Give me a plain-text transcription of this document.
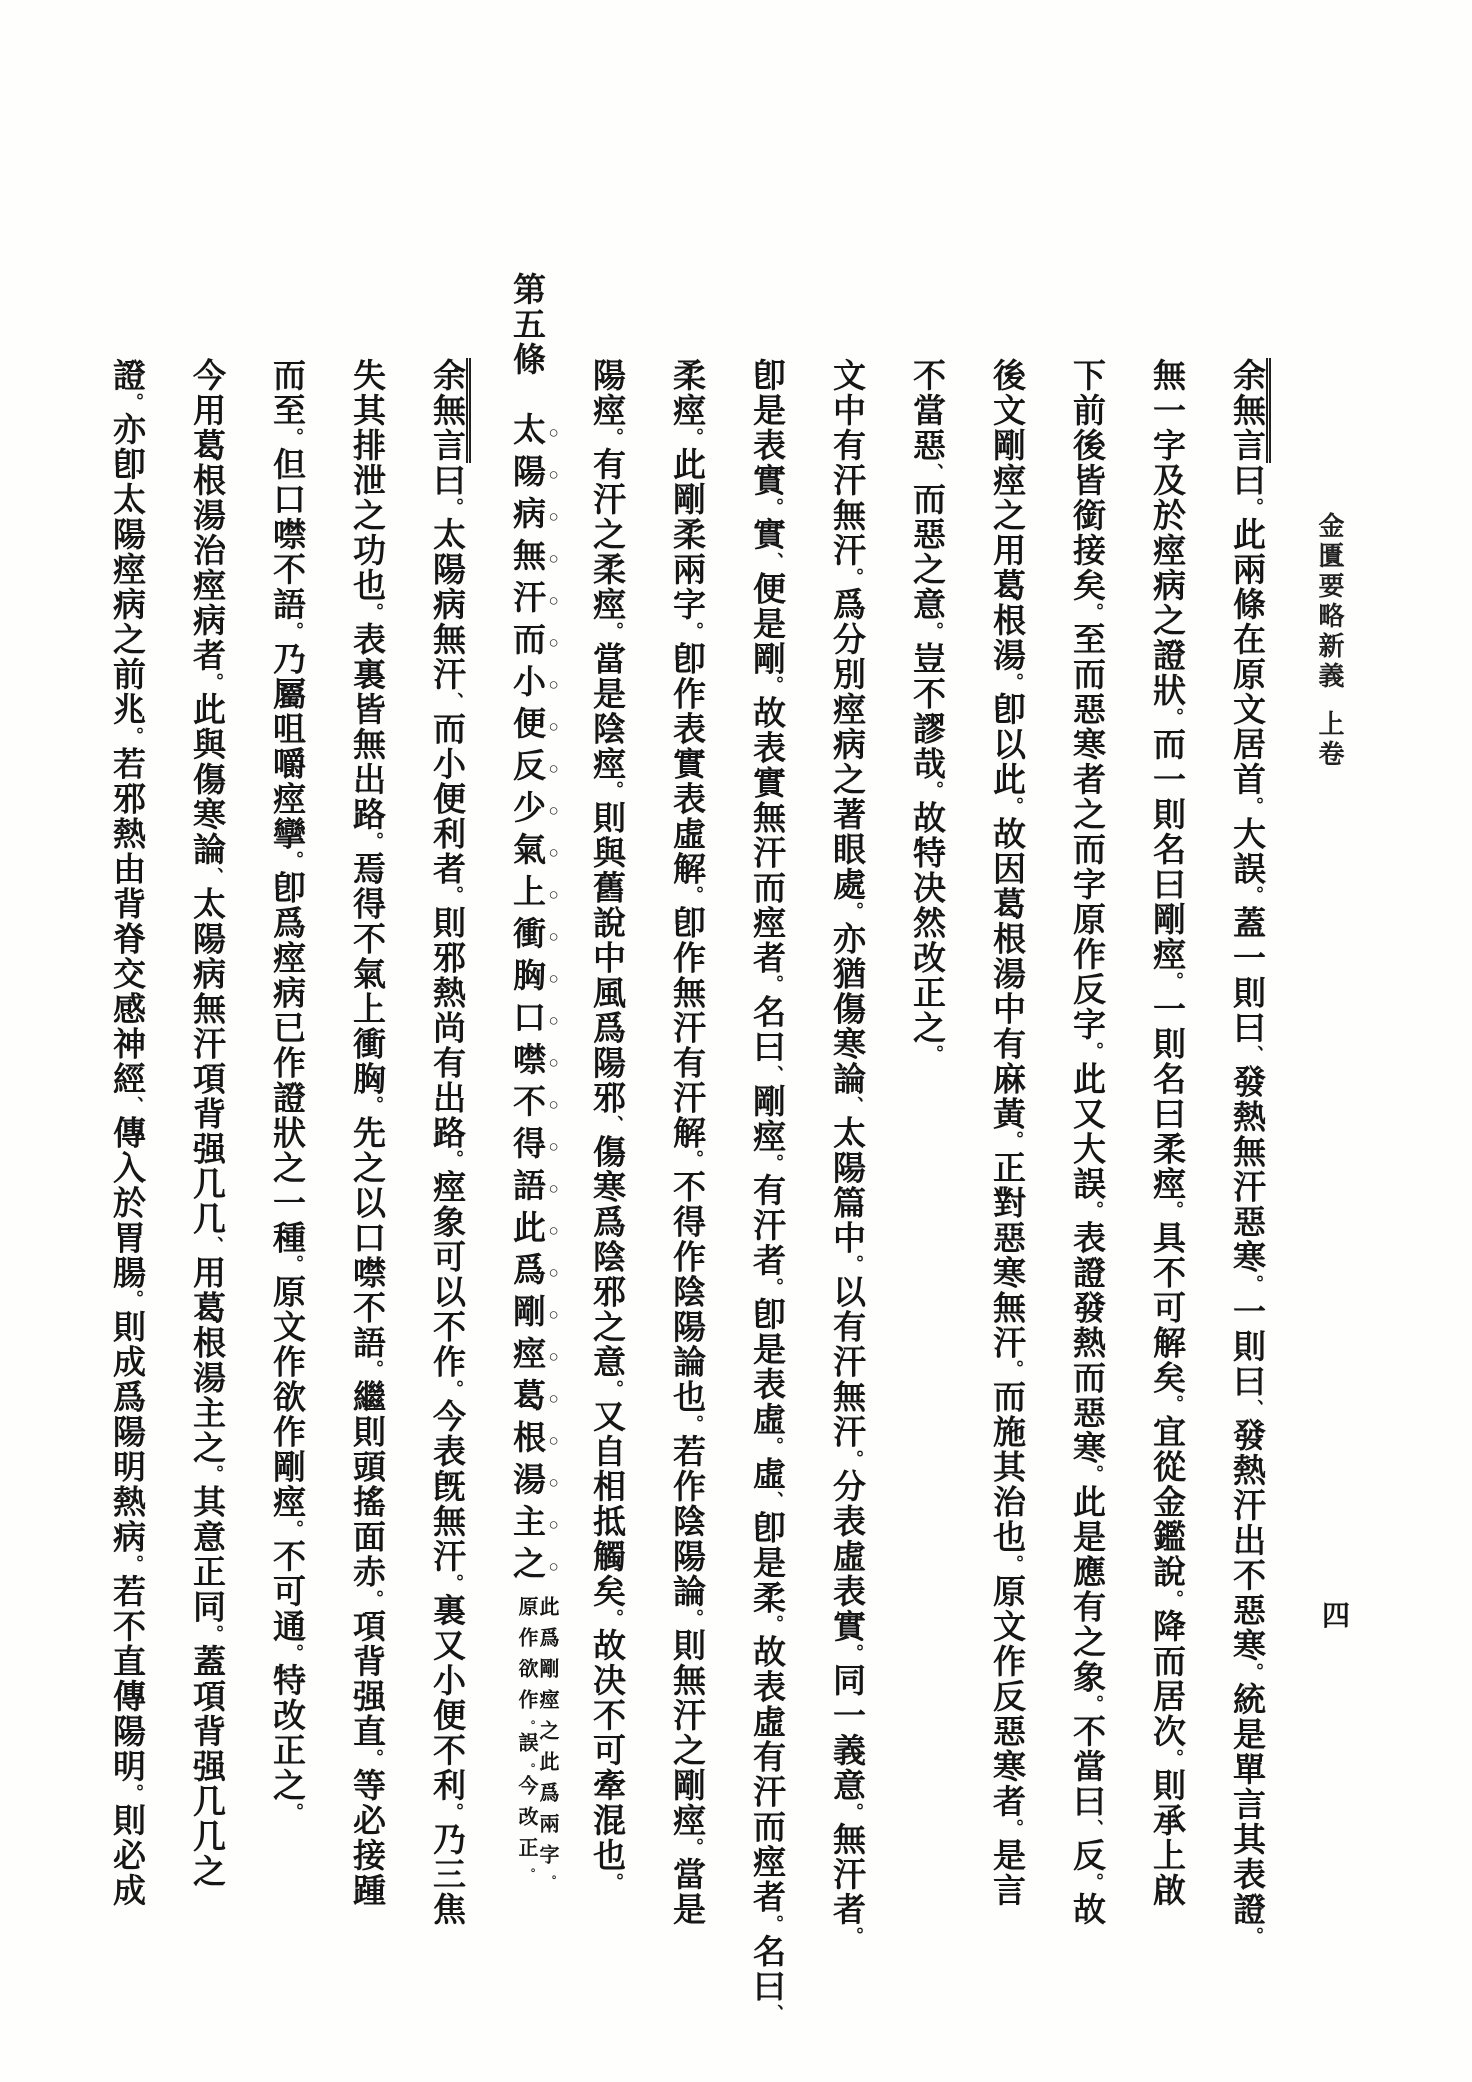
金匱要略新義上卷
余無言曰。此兩條在原文居首。大誤。蓋一則曰、發熱無汗惡寒。一則曰、發熱汗出不惡寒。統是單言其表證。
無一字及於痙病之證狀。而一則名曰剛痙。一則名曰柔痙。具不可解矣。宜從金鑑說。降而居次。則承上啟
下前後皆銜接矣。至而惡寒者之而字原作反字。此又大誤。表證發熱而惡寒。此是應有之象。不當曰、反。故
後文剛痙之用葛根湯。卽以此。故因葛根湯中有麻黃。正對惡寒無汗。而施其治也。原文作反惡寒者。是言
不當惡、而惡之意。豈不謬哉。故特决然改正之。
文中有汗無汗。爲分別痙病之著眼處。亦猶傷寒論、太陽篇中。以有汗無汗。分表虛表實。同一義意。無汗者。
卽是表實。實、便是剛。故表實無汗而痙者。名曰、剛痙。有汗者。卽是表虛。虛、卽是柔。故表虛有汗而痙者。名曰、
柔痙。此剛柔兩字。卽作表實表虛解。卽作無汗有汗解。不得作陰陽論也。若作陰陽論。則無汗之剛痙。當是
陽痙。有汗之柔痙。當是陰痙。則與舊說中風爲陽邪、傷寒爲陰邪之意。又自相抵觸矣。故决不可牽混也。
第五條　太陽病無汗而小便反少氣上衝胸口噤不得語此爲剛痙葛根湯主之
此爲剛痙之此爲兩字。
原作欲作。誤。今改正。
余無言曰。太陽病無汗、而小便利者。則邪熱尚有出路。痙象可以不作。今表旣無汗。裏又小便不利。乃三焦
失其排泄之功也。表裏皆無出路。焉得不氣上衝胸。先之以口噤不語。繼則頭搖面赤。項背强直。等必接踵
而至。但口噤不語。乃屬咀嚼痙攣。卽爲痙病已作證狀之一種。原文作欲作剛痙。不可通。特改正之。
今用葛根湯治痙病者。此與傷寒論、太陽病無汗項背强几几、用葛根湯主之。其意正同。蓋項背强几几之
證。亦卽太陽痙病之前兆。若邪熱由背脊交感神經、傳入於胃腸。則成爲陽明熱病。若不直傳陽明。則必成
四
